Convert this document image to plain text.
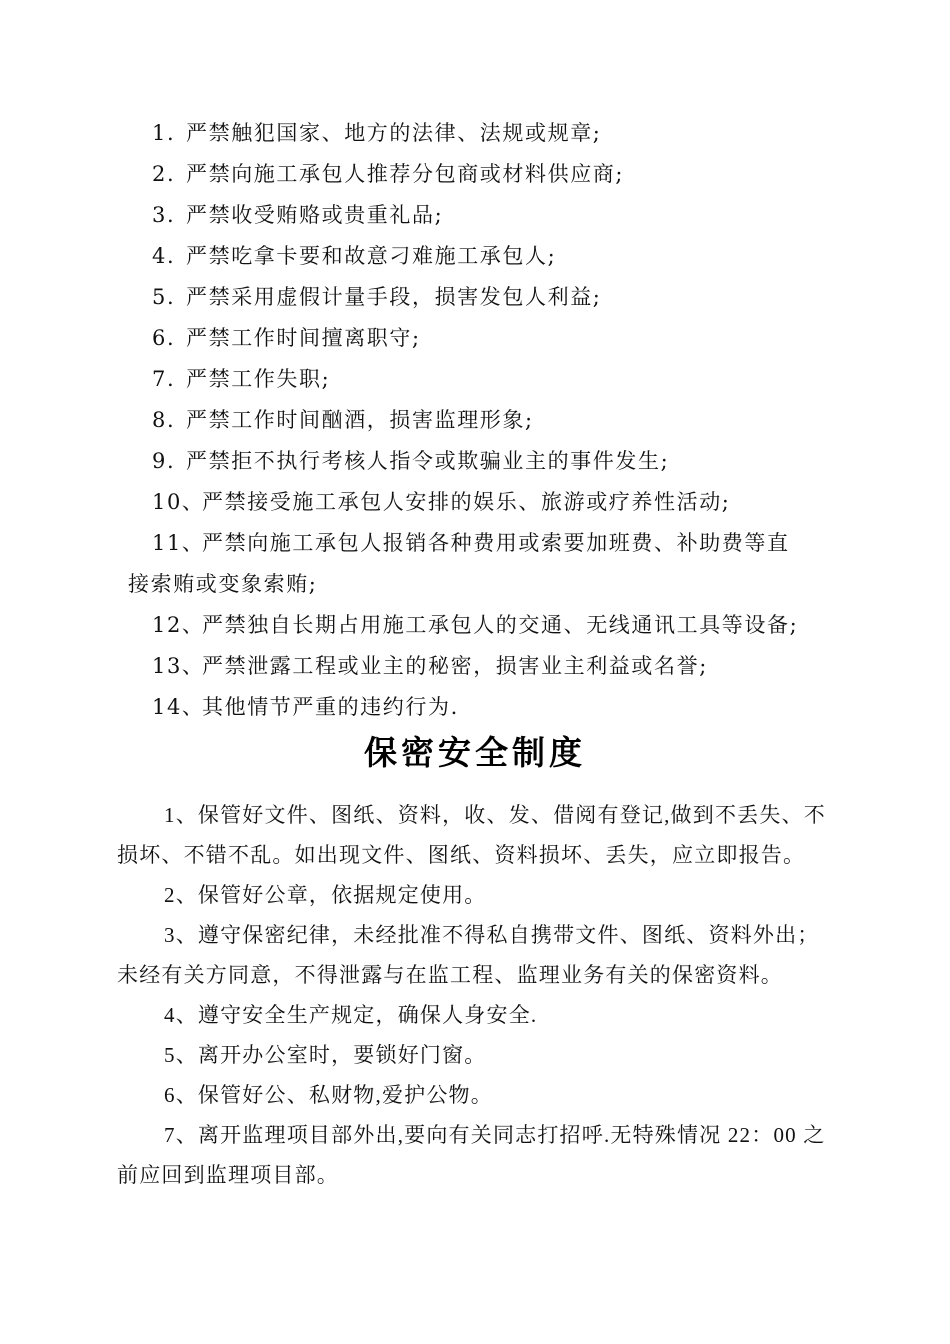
1. 严禁触犯国家、地方的法律、法规或规章;
2. 严禁向施工承包人推荐分包商或材料供应商;
3. 严禁收受贿赂或贵重礼品;
4. 严禁吃拿卡要和故意刁难施工承包人;
5. 严禁采用虚假计量手段，损害发包人利益;
6. 严禁工作时间擅离职守;
7. 严禁工作失职;
8. 严禁工作时间酗酒，损害监理形象;
9. 严禁拒不执行考核人指令或欺骗业主的事件发生;
10、
严禁接受施工承包人安排的娱乐、旅游或疗养性活动;
11、
严禁向施工承包人报销各种费用或索要加班费、补助费等直
接索贿或变象索贿;
12、
严禁独自长期占用施工承包人的交通、无线通讯工具等设备;
13、
严禁泄露工程或业主的秘密，损害业主利益或名誉;
14、
其他情节严重的违约行为.
保密安全制度
1、保管好文件、图纸、资料，收、发、借阅有登记,做到不丢失、不
损坏、不错不乱。如出现文件、图纸、资料损坏、丢失，应立即报告。
2、保管好公章，依据规定使用。
3、遵守保密纪律，未经批准不得私自携带文件、图纸、资料外出；
未经有关方同意，不得泄露与在监工程、监理业务有关的保密资料。
4、遵守安全生产规定，确保人身安全.
5、离开办公室时，要锁好门窗。
6、保管好公、私财物,爱护公物。
7、离开监理项目部外出,要向有关同志打招呼.无特殊情况 22：00 之
前应回到监理项目部。
